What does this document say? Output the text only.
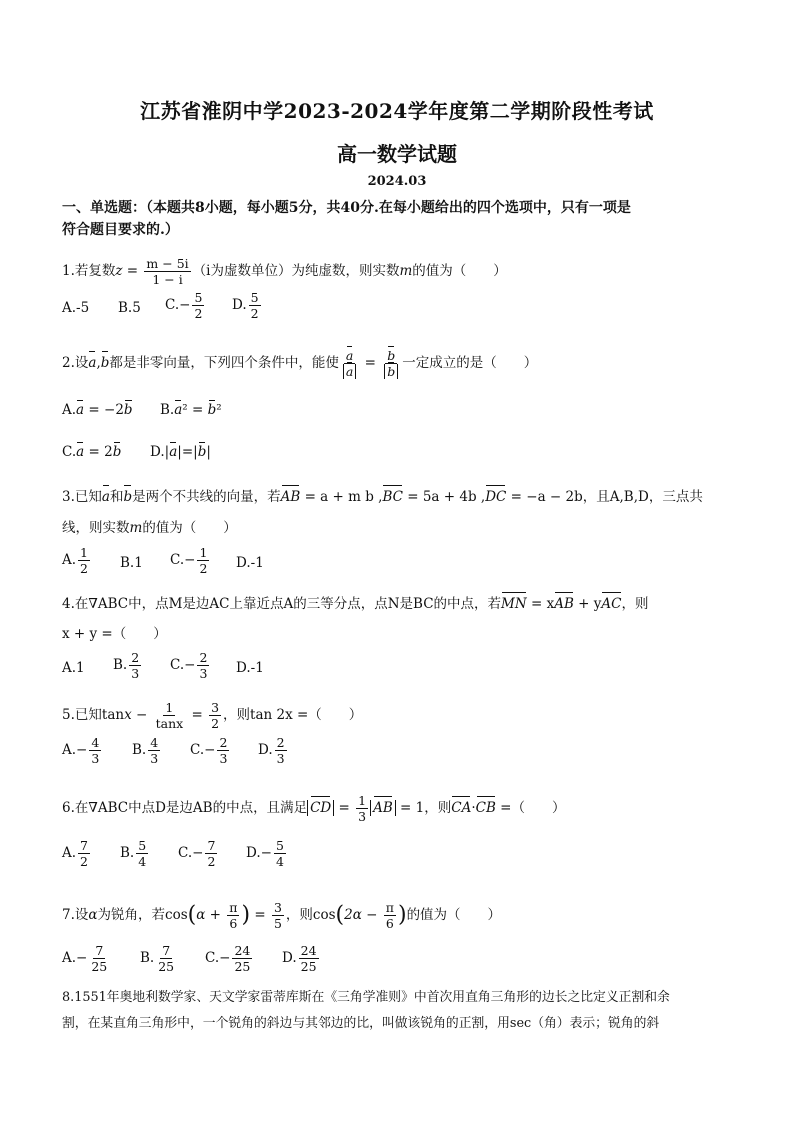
江苏省淮阴中学2023-2024学年度第二学期阶段性考试
高一数学试题
2024.03
一、单选题：（本题共8小题，每小题5分，共40分.在每小题给出的四个选项中，只有一项是
符合题目要求的.）
1.若复数$z = \frac{m - 5i}{1 - i} (i$为虚数单位）为纯虚数，则实数m的值为（　　）
A.-5 B.5 $C.- \frac{5}{2} D$. $\frac{5}{2}$
2.设a,b都是非零向量，下列四个条件中，能使 $\frac{a}{a} = \frac{b}{b}$ 一定成立的是（　　）
A.a = −2b B.a² = b²
C.a = 2b D.|a|=|b|
3.已知a和b是两个不共线的向量，若AB = a + m b ,BC = 5a + 4b ,DC = −a − 2b，且A,B,D，三点共
线，则实数m的值为（　　）
A. $\frac{1}{2} B.1$ $C.- \frac{1}{2} D.-1$
4.在∇ABC中，点M是边AC上靠近点A的三等分点，点N是BC的中点，若MN = xAB + yAC，则
x + y =（　　）
A.1 B. $\frac{2}{3} C.- \frac{2}{3} D.-1$
5.已知$\tan x - \frac{1}{\tan x} = \frac{3}{2}$ ，则tan 2x =（　　）
$A.- \frac{4}{3} B$. $\frac{4}{3} C.- \frac{2}{3} D$. $\frac{2}{3}$
6.在∇ABC中点D是边AB的中点，且满足 CD = $\frac{1}{3}$ AB = 1，则CA·CB =（　　）
A. $\frac{7}{2} B$. $\frac{5}{4} C.- \frac{7}{2} D.- \frac{5}{4}$
7.设α为锐角，若$\cos(\alpha + \frac{\pi}{6}$ ) = $\frac{3}{5}$ ，则$\cos(2\alpha - \frac{\pi}{6}$ )的值为（　　）
$A.- \frac{7}{25} B$. $\frac{7}{25} C.- \frac{24}{25} D$. $\frac{24}{25}$
8.1551年奥地利数学家、天文学家雷蒂库斯在《三角学准则》中首次用直角三角形的边长之比定义正割和余
割，在某直角三角形中，一个锐角的斜边与其邻边的比，叫做该锐角的正割，用sec（角）表示；锐角的斜
